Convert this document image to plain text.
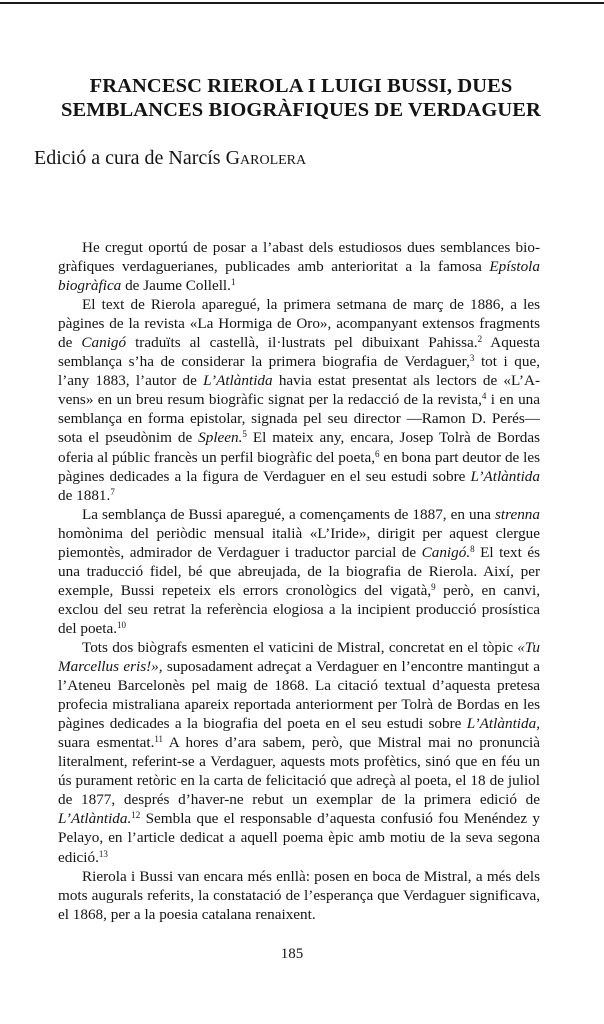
FRANCESC RIEROLA I LUIGI BUSSI, DUES
SEMBLANCES BIOGRÀFIQUES DE VERDAGUER
Edició a cura de Narcís Garolera

He cregut oportú de posar a l’abast dels estudiosos dues semblances biogràfiques verdaguerianes, publicades amb anterioritat a la famosa Epístola biogràfica de Jaume Collell.$^1$

El text de Rierola aparegué, la primera setmana de març de 1886, a les pàgines de la revista «La Hormiga de Oro», acompanyant extensos fragments de Canigó traduïts al castellà, il·lustrats pel dibuixant Pahissa.$^2$ Aquesta semblança s’ha de considerar la primera biografia de Verdaguer,$^3$ tot i que, l’any 1883, l’autor de L’Atlàntida havia estat presentat als lectors de «L’Avens» en un breu resum biogràfic signat per la redacció de la revista,$^4$ i en una semblança en forma epistolar, signada pel seu director —Ramon D. Perés— sota el pseudònim de Spleen.$^5$ El mateix any, encara, Josep Tolrà de Bordas oferia al públic francès un perfil biogràfic del poeta,$^6$ en bona part deutor de les pàgines dedicades a la figura de Verdaguer en el seu estudi sobre L’Atlàntida de 1881.$^7$

La semblança de Bussi aparegué, a començaments de 1887, en una strenna homònima del periòdic mensual italià «L’Iride», dirigit per aquest clergue piemontès, admirador de Verdaguer i traductor parcial de Canigó.$^8$ El text és una traducció fidel, bé que abreujada, de la biografia de Rierola. Així, per exemple, Bussi repeteix els errors cronològics del vigatà,$^9$ però, en canvi, exclou del seu retrat la referència elogiosa a la incipient producció prosística del poeta.$^{10}$

Tots dos biògrafs esmenten el vaticini de Mistral, concretat en el tòpic «Tu Marcellus eris!», suposadament adreçat a Verdaguer en l’encontre mantingut a l’Ateneu Barcelonès pel maig de 1868. La citació textual d’aquesta pretesa profecia mistraliana apareix reportada anteriorment per Tolrà de Bordas en les pàgines dedicades a la biografia del poeta en el seu estudi sobre L’Atlàntida, suara esmentat.$^{11}$ A hores d’ara sabem, però, que Mistral mai no pronuncià literalment, referint-se a Verdaguer, aquests mots profètics, sinó que en féu un ús purament retòric en la carta de felicitació que adreçà al poeta, el 18 de juliol de 1877, després d’haver-ne rebut un exemplar de la primera edició de L’Atlàntida.$^{12}$ Sembla que el responsable d’aquesta confusió fou Menéndez y Pelayo, en l’article dedicat a aquell poema èpic amb motiu de la seva segona edició.$^{13}$

Rierola i Bussi van encara més enllà: posen en boca de Mistral, a més dels mots augurals referits, la constatació de l’esperança que Verdaguer significava, el 1868, per a la poesia catalana renaixent.

185
